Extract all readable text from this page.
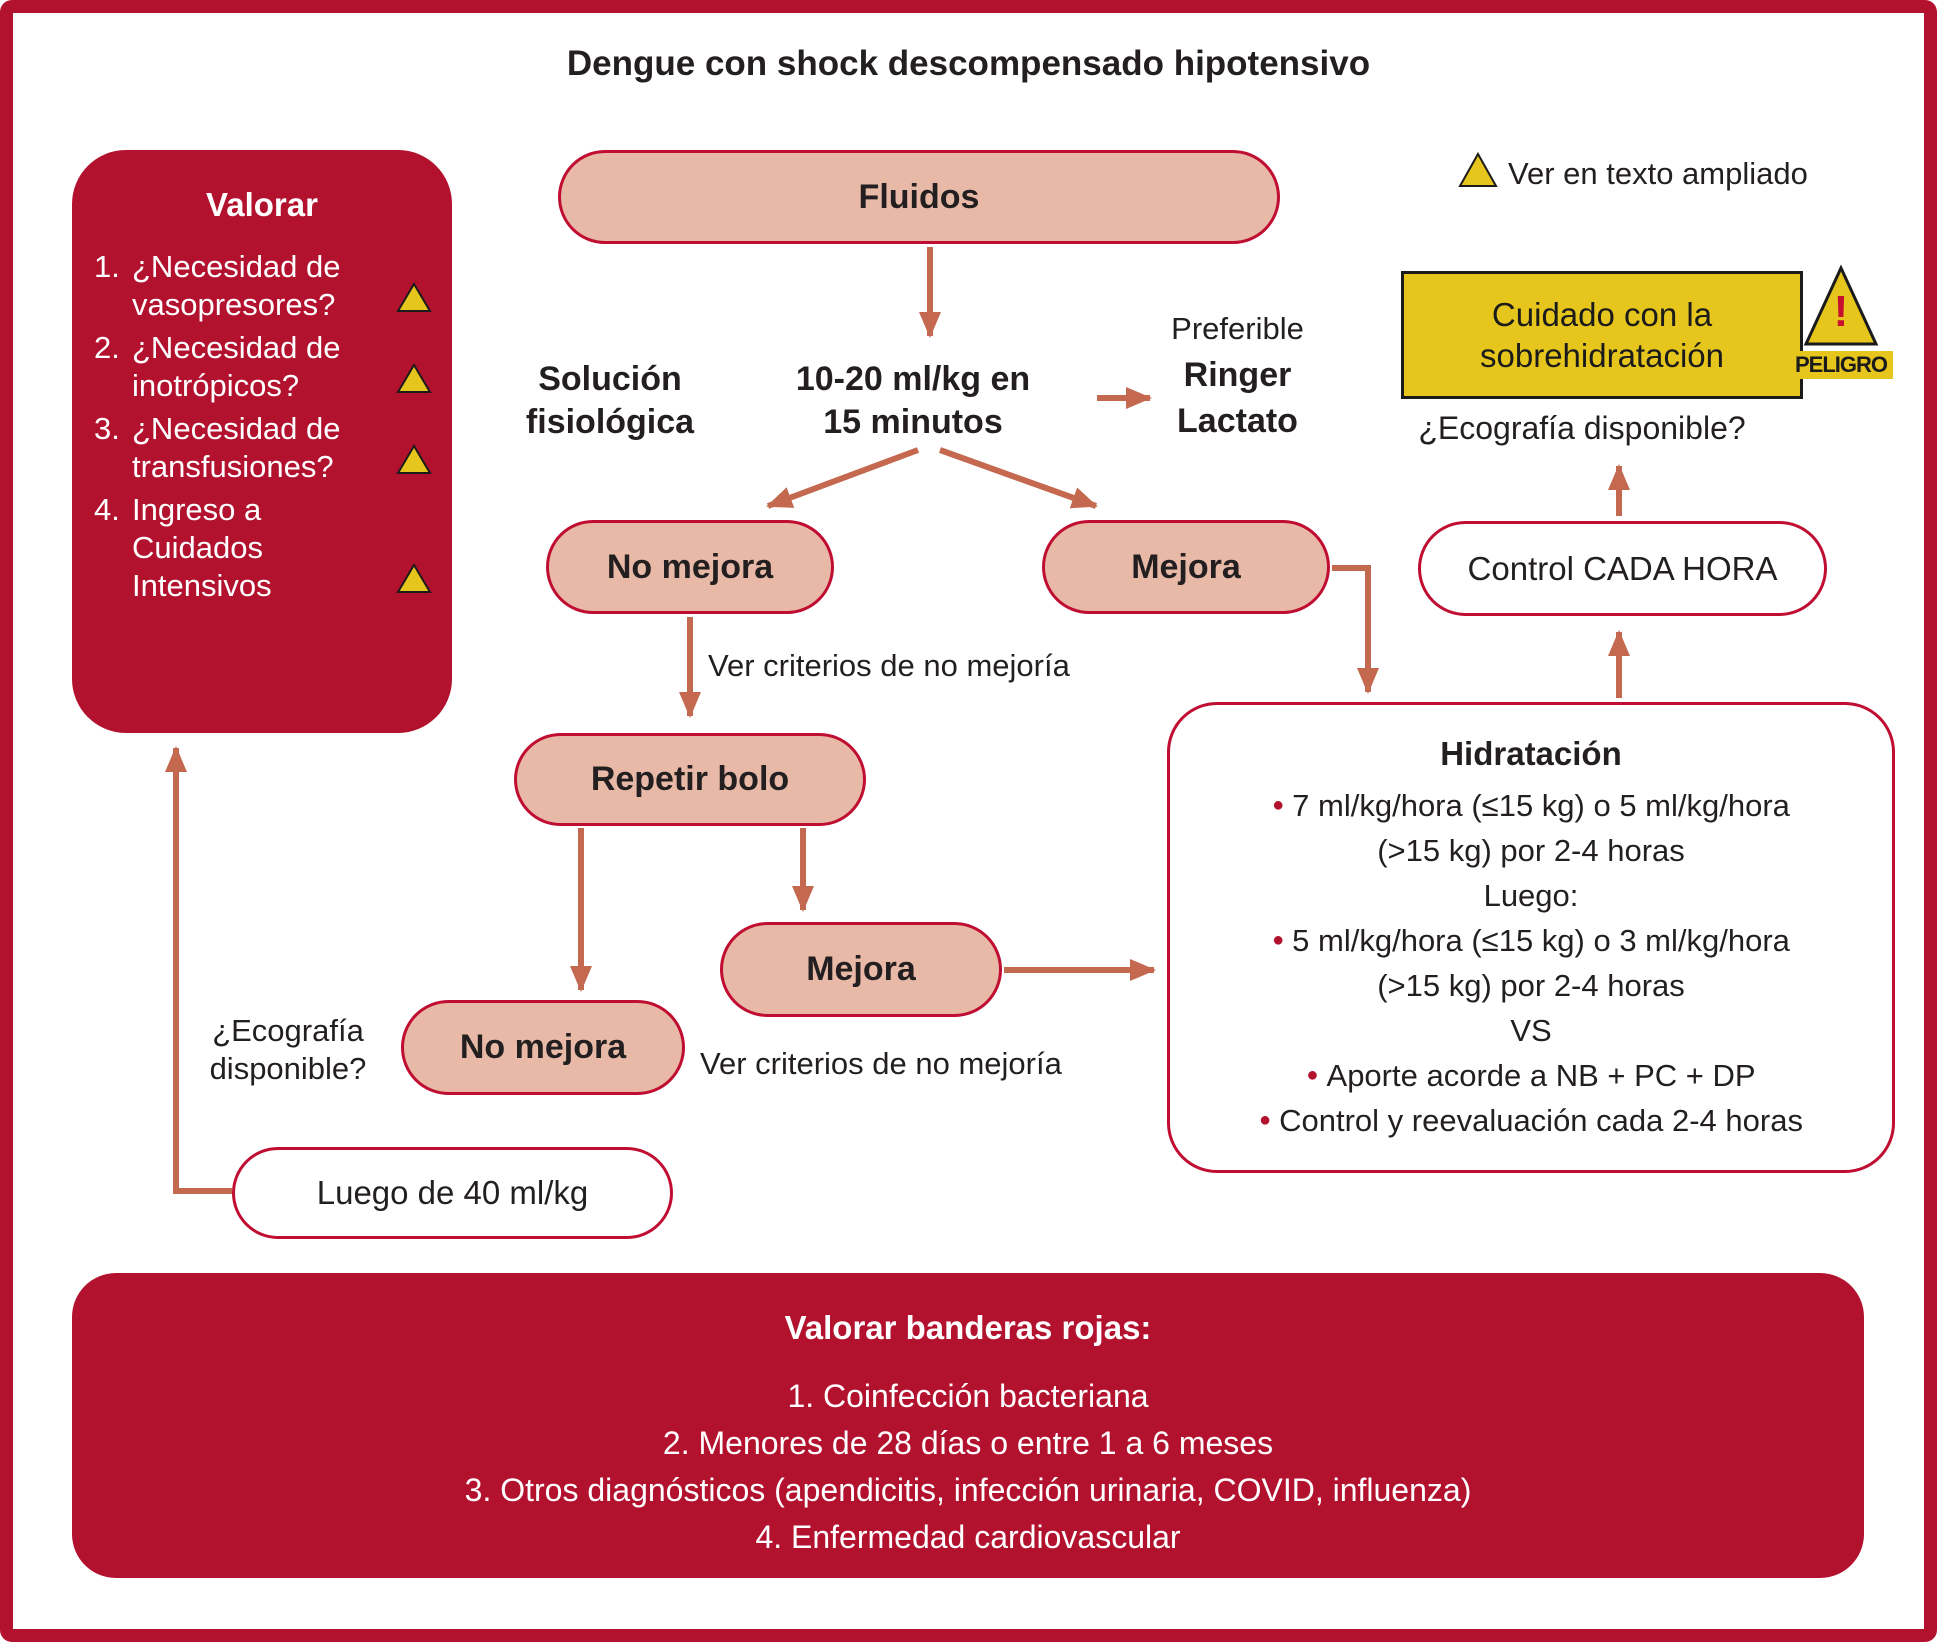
Dengue con shock descompensado hipotensivo
Valorar
1. ¿Necesidad de
vasopresores?
2. ¿Necesidad de
inotrópicos?
3. ¿Necesidad de
transfusiones?
4. Ingreso a
Cuidados
Intensivos
Ver en texto ampliado
Cuidado con la
sobrehidratación
!
PELIGRO
¿Ecografía disponible?
Fluidos
Solución
fisiológica
10-20 ml/kg en
15 minutos
Preferible
Ringer
Lactato
No mejora	Mejora	Control CADA HORA
Ver criterios de no mejoría
Repetir bolo
Mejora
No mejora
¿Ecografía
disponible?	Ver criterios de no mejoría
Luego de 40 ml/kg
Hidratación
● 7 ml/kg/hora (≤15 kg) o 5 ml/kg/hora
(>15 kg) por 2-4 horas
Luego:
● 5 ml/kg/hora (≤15 kg) o 3 ml/kg/hora
(>15 kg) por 2-4 horas
VS
● Aporte acorde a NB + PC + DP
● Control y reevaluación cada 2-4 horas
Valorar banderas rojas:
1. Coinfección bacteriana
2. Menores de 28 días o entre 1 a 6 meses
3. Otros diagnósticos (apendicitis, infección urinaria, COVID, influenza)
4. Enfermedad cardiovascular
